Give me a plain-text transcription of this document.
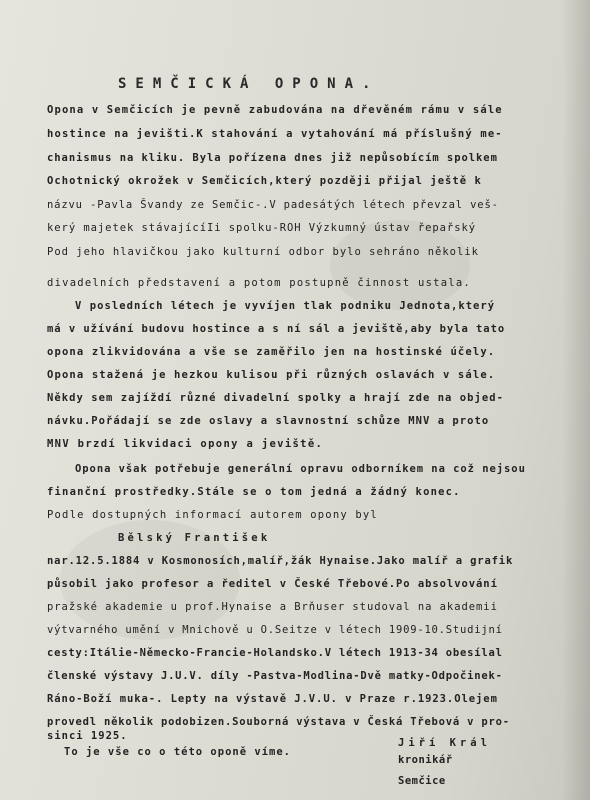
SEMČICKÁ OPONA.
Opona v Semčicích je pevně zabudována na dřevěném rámu v sále
hostince na jevišti.K stahování a vytahování má příslušný me-
chanismus na kliku. Byla pořízena dnes již nepůsobícím spolkem
Ochotnický okrožek v Semčicích,který později přijal ještě k
názvu -Pavla Švandy ze Semčic-.V padesátých létech převzal veš-
kerý majetek stávajícíIi spolku-ROH Výzkumný ústav řepařský
Pod jeho hlavičkou jako kulturní odbor bylo sehráno několik
divadelních představení a potom postupně činnost ustala.
V posledních létech je vyvíjen tlak podniku Jednota,který
má v užívání budovu hostince a s ní sál a jeviště,aby byla tato
opona zlikvidována a vše se zaměřilo jen na hostinské účely.
Opona stažená je hezkou kulisou při různých oslavách v sále.
Někdy sem zajíždí různé divadelní spolky a hrají zde na objed-
návku.Pořádají se zde oslavy a slavnostní schůze MNV a proto
MNV brzdí likvidaci opony a jeviště.
Opona však potřebuje generální opravu odborníkem na což nejsou
finanční prostředky.Stále se o tom jedná a žádný konec.
Podle dostupných informací autorem opony byl
Bělský František
nar.12.5.1884 v Kosmonosích,malíř,žák Hynaise.Jako malíř a grafik
působil jako profesor a ředitel v České Třebové.Po absolvování
pražské akademie u prof.Hynaise a Brňuser studoval na akademii
výtvarného umění v Mnichově u O.Seitze v létech 1909-10.Studijní
cesty:Itálie-Německo-Francie-Holandsko.V létech 1913-34 obesílal
členské výstavy J.U.V. díly -Pastva-Modlina-Dvě matky-Odpočinek-
Ráno-Boží muka-. Lepty na výstavě J.V.U. v Praze r.1923.Olejem
provedl několik podobizen.Souborná výstava v Česká Třebová v pro-
sinci 1925.
To je vše co o této oponě víme.
Jiří Král
kronikář
Semčice
